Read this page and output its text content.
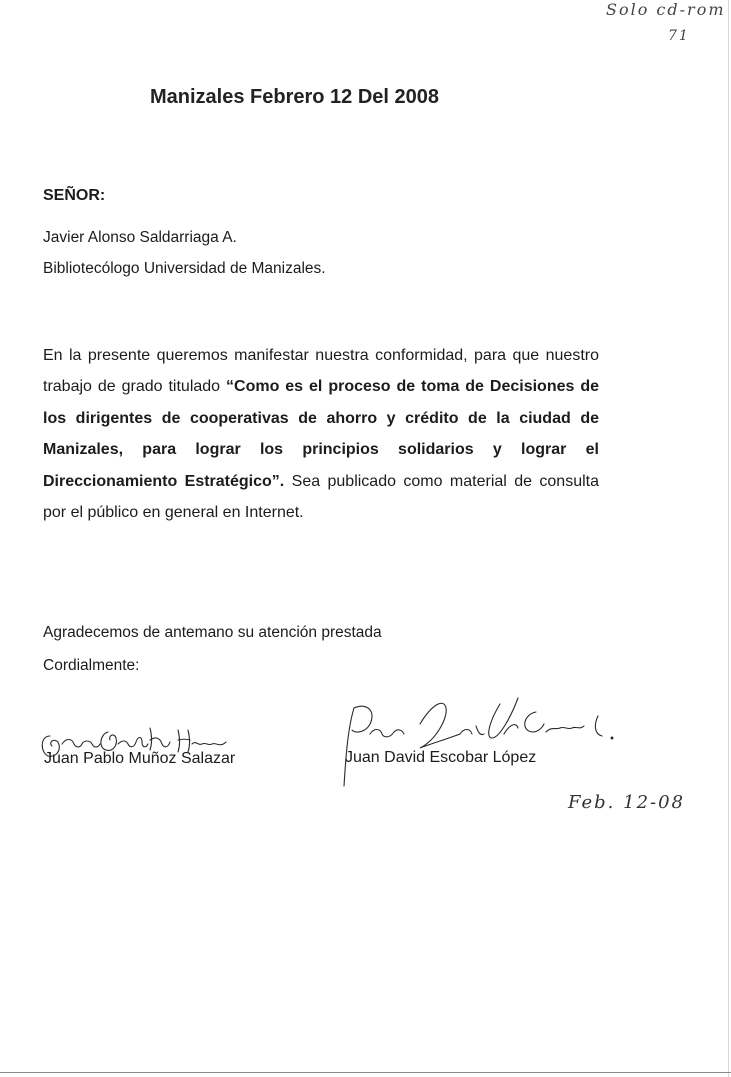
Solo cd-rom
71
Manizales Febrero 12 Del 2008
SEÑOR:
Javier Alonso Saldarriaga A.
Bibliotecólogo Universidad de Manizales.
En la presente queremos manifestar nuestra conformidad, para que nuestro trabajo de grado titulado “Como es el proceso de toma de Decisiones de los dirigentes de cooperativas de ahorro y crédito de la ciudad de Manizales, para lograr los principios solidarios y lograr el Direccionamiento Estratégico”. Sea publicado como material de consulta por el público en general en Internet.
Agradecemos de antemano su atención prestada
Cordialmente:
Juan Pablo Muñoz Salazar	Juan David Escobar López
Feb. 12-08
